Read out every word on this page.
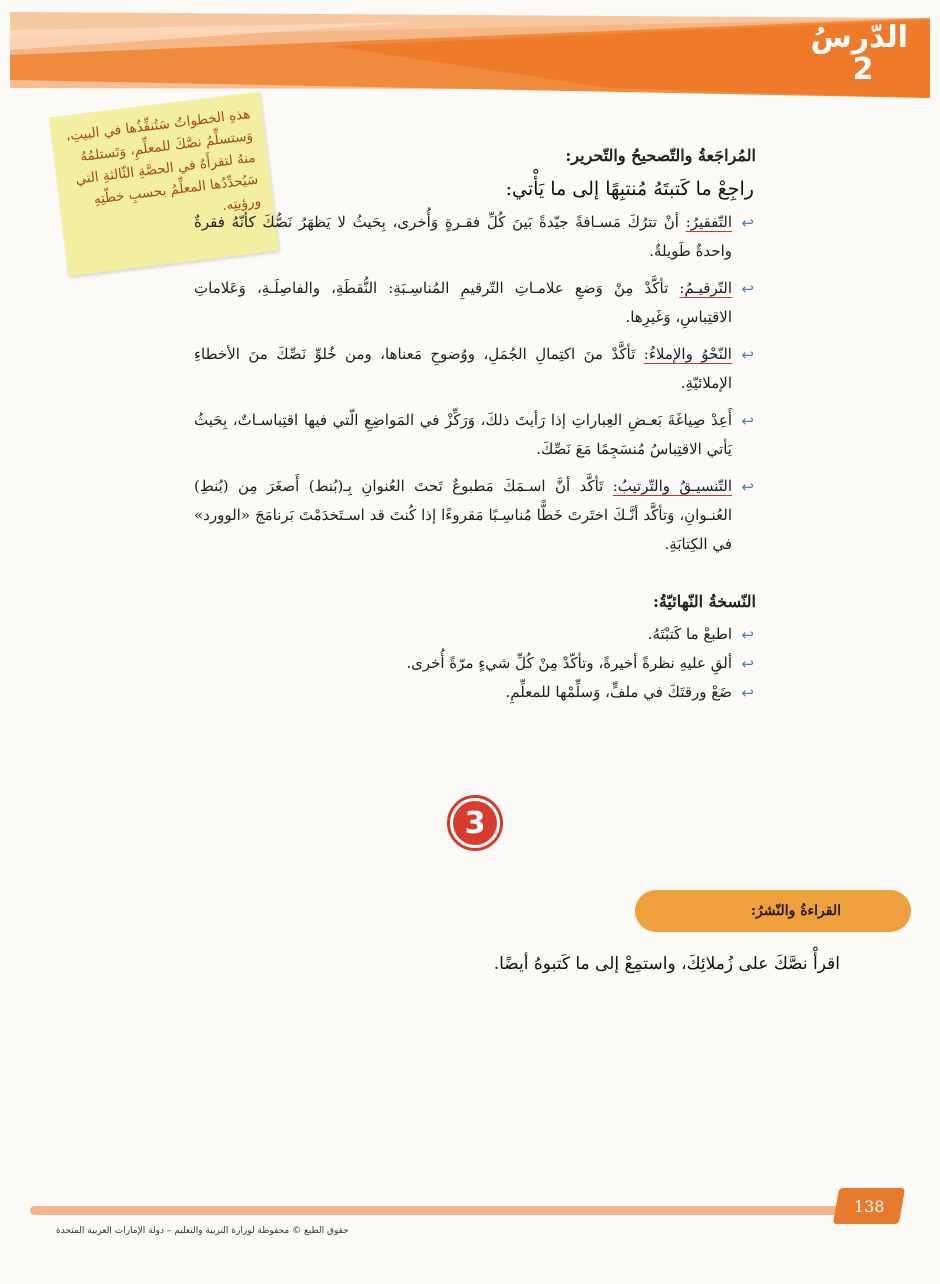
الدّرسُ
2
هذهِ الخطواتُ سَتُنفِّذُها في البيتِ، وَستسلِّمُ نصَّكَ للمعلِّمِ، وَتَستلمُهُ منهُ لتقرأَهُ في الحصَّةِ الثّالثةِ التي سَيُحدِّدُها المعلِّمُ بحسبِ خطّتِهِ ورؤيتِه.
المُراجَعةُ والتّصحيحُ والتّحرير:
راجِعْ ما كَتبتَهُ مُنتبِهًا إلى ما يَأْتي:
↩
التّفقيرُ: أنْ تترُكَ مَسـافةً جيّدةً بَينَ كُلِّ فقـرةٍ وَأُخرى، بِحَيثُ لا يَظهَرُ نَصُّكَ كأنّهُ فقرةٌ واحدةٌ طَويلةٌ.
↩
التّرقيـمُ: تأكَّدْ مِنْ وَضعِ علامـاتِ التّرقيمِ المُناسِـبَةِ: النُّقطَةِ، والفاصِلَـةِ، وَعَلاماتِ الاقتِباسِ، وَغَيرِها.
↩
النّحْوُ والإملاءُ: تَأكَّدْ منَ اكتِمالِ الجُمَلِ، ووُضوحِ مَعناها، ومن خُلوِّ نَصِّكَ منَ الأخطاءِ الإملائيّةِ.
↩
أَعِدْ صِياغَةَ بَعـضِ العِباراتِ إذا رَأيتَ ذلكَ، وَرَكِّزْ في المَواضِعِ الّتي فيها اقتِباسـاتٌ، بِحَيثُ يَأتي الاقتِباسُ مُنسَجِمًا مَعَ نَصِّكَ.
↩
التّنسيـقُ والتّرتيبُ: تَأكَّد أنَّ اسـمَكَ مَطبوعٌ تَحتَ العُنوانِ بِـ(بُنط) أَصغَرَ مِن (بُنطِ) العُنـوانِ، وَتأكَّد أنَّـكَ اختَرتَ خَطًّا مُناسِـبًا مَقروءًا إذا كُنتَ قد اسـتَخدَمْتَ بَرنامَجَ «الوورد» في الكِتابَةِ.
النّسخةُ النّهائيّةُ:
↩
اطبعْ ما كَتبْتَهُ.
↩
ألقِ عليهِ نظرةً أخيرةً، وتأكّدْ مِنْ كُلِّ شيءٍ مرّةً أُخرى.
↩
ضَعْ ورقتَكَ في ملفٍّ، وَسلِّمْها للمعلِّمِ.
3
القراءةُ والنّشرُ:
اقرأْ نصَّكَ على زُملائِكَ، واستمِعْ إلى ما كَتبوهُ أيضًا.
138
حقوق الطبع © محفوظة لوزارة التربية والتعليم – دولة الإمارات العربية المتحدة
